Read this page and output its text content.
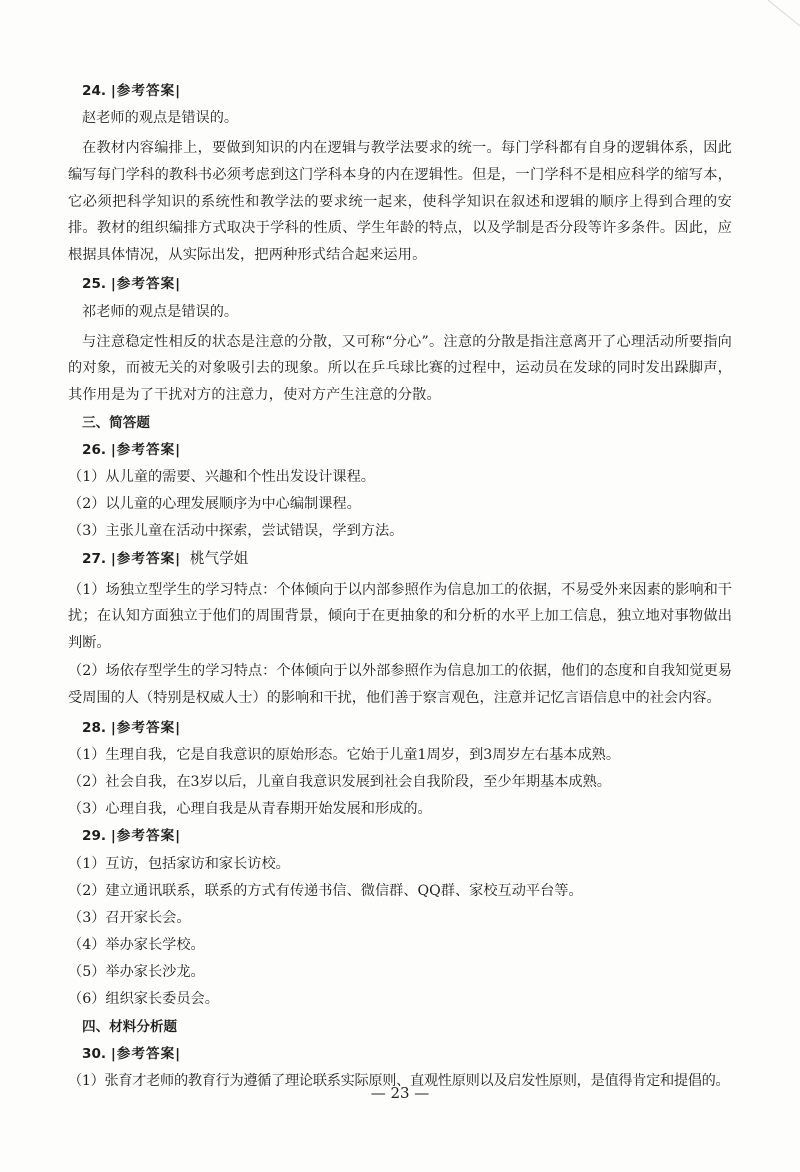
24. |参考答案|
赵老师的观点是错误的。
在教材内容编排上，要做到知识的内在逻辑与教学法要求的统一。每门学科都有自身的逻辑体系，因此编写每门学科的教科书必须考虑到这门学科本身的内在逻辑性。但是，一门学科不是相应科学的缩写本，它必须把科学知识的系统性和教学法的要求统一起来，使科学知识在叙述和逻辑的顺序上得到合理的安排。教材的组织编排方式取决于学科的性质、学生年龄的特点，以及学制是否分段等许多条件。因此，应根据具体情况，从实际出发，把两种形式结合起来运用。
25. |参考答案|
祁老师的观点是错误的。
与注意稳定性相反的状态是注意的分散，又可称“分心”。注意的分散是指注意离开了心理活动所要指向的对象，而被无关的对象吸引去的现象。所以在乒乓球比赛的过程中，运动员在发球的同时发出跺脚声，其作用是为了干扰对方的注意力，使对方产生注意的分散。
三、简答题
26. |参考答案|
（1）从儿童的需要、兴趣和个性出发设计课程。
（2）以儿童的心理发展顺序为中心编制课程。
（3）主张儿童在活动中探索，尝试错误，学到方法。
27. |参考答案| 桃气学姐
（1）场独立型学生的学习特点：个体倾向于以内部参照作为信息加工的依据，不易受外来因素的影响和干扰；在认知方面独立于他们的周围背景，倾向于在更抽象的和分析的水平上加工信息，独立地对事物做出判断。
（2）场依存型学生的学习特点：个体倾向于以外部参照作为信息加工的依据，他们的态度和自我知觉更易受周围的人（特别是权威人士）的影响和干扰，他们善于察言观色，注意并记忆言语信息中的社会内容。
28. |参考答案|
（1）生理自我，它是自我意识的原始形态。它始于儿童1周岁，到3周岁左右基本成熟。
（2）社会自我，在3岁以后，儿童自我意识发展到社会自我阶段，至少年期基本成熟。
（3）心理自我，心理自我是从青春期开始发展和形成的。
29. |参考答案|
（1）互访，包括家访和家长访校。
（2）建立通讯联系，联系的方式有传递书信、微信群、QQ群、家校互动平台等。
（3）召开家长会。
（4）举办家长学校。
（5）举办家长沙龙。
（6）组织家长委员会。
四、材料分析题
30. |参考答案|
（1）张育才老师的教育行为遵循了理论联系实际原则、直观性原则以及启发性原则，是值得肯定和提倡的。
— 23 —
